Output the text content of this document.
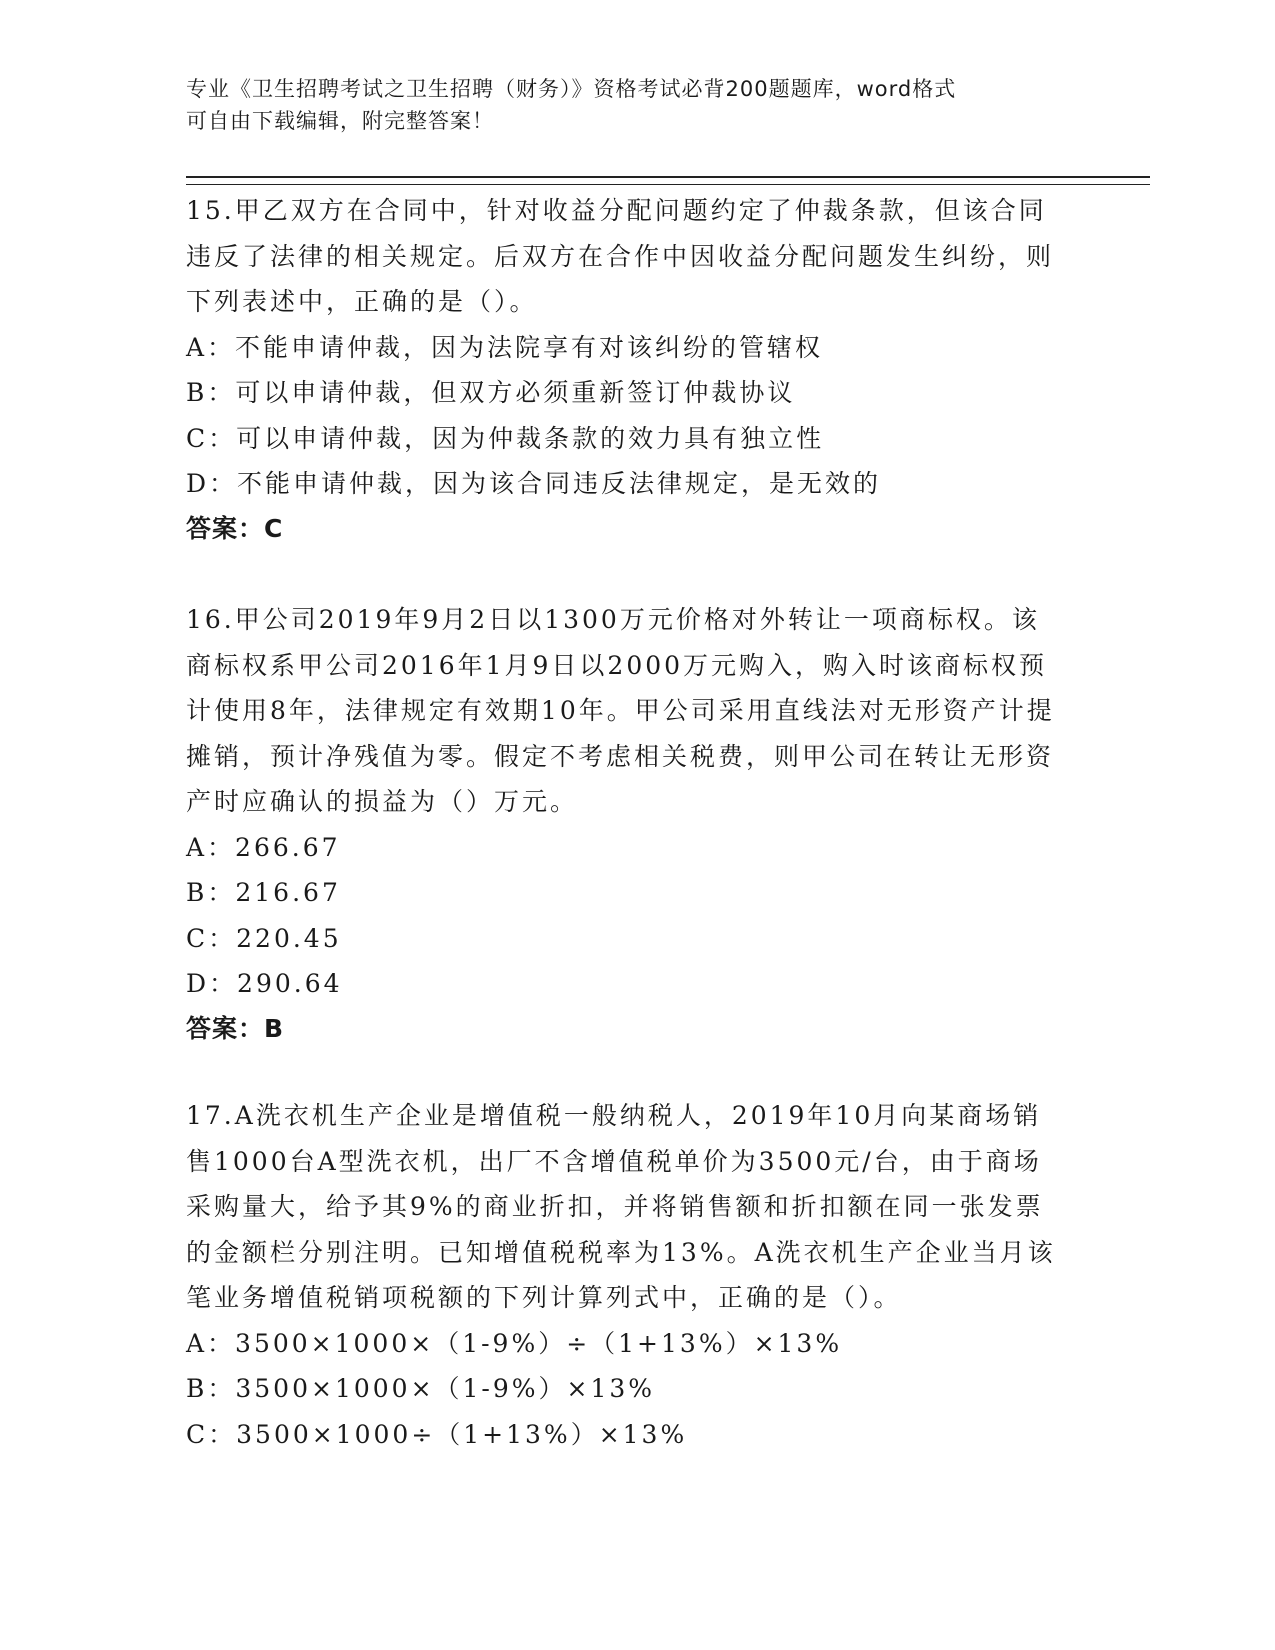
专业《卫生招聘考试之卫生招聘（财务）》资格考试必背200题题库，word格式
可自由下载编辑，附完整答案！
15.甲乙双方在合同中，针对收益分配问题约定了仲裁条款，但该合同违反了法律的相关规定。后双方在合作中因收益分配问题发生纠纷，则下列表述中，正确的是（）。
A：不能申请仲裁，因为法院享有对该纠纷的管辖权
B：可以申请仲裁，但双方必须重新签订仲裁协议
C：可以申请仲裁，因为仲裁条款的效力具有独立性
D：不能申请仲裁，因为该合同违反法律规定，是无效的
答案：C
16.甲公司2019年9月2日以1300万元价格对外转让一项商标权。该商标权系甲公司2016年1月9日以2000万元购入，购入时该商标权预计使用8年，法律规定有效期10年。甲公司采用直线法对无形资产计提摊销，预计净残值为零。假定不考虑相关税费，则甲公司在转让无形资产时应确认的损益为（）万元。
A：266.67
B：216.67
C：220.45
D：290.64
答案：B
17.A洗衣机生产企业是增值税一般纳税人，2019年10月向某商场销售1000台A型洗衣机，出厂不含增值税单价为3500元/台，由于商场采购量大，给予其9%的商业折扣，并将销售额和折扣额在同一张发票的金额栏分别注明。已知增值税税率为13%。A洗衣机生产企业当月该笔业务增值税销项税额的下列计算列式中，正确的是（）。
A：3500×1000×（1-9%）÷（1+13%）×13%
B：3500×1000×（1-9%）×13%
C：3500×1000÷（1+13%）×13%
